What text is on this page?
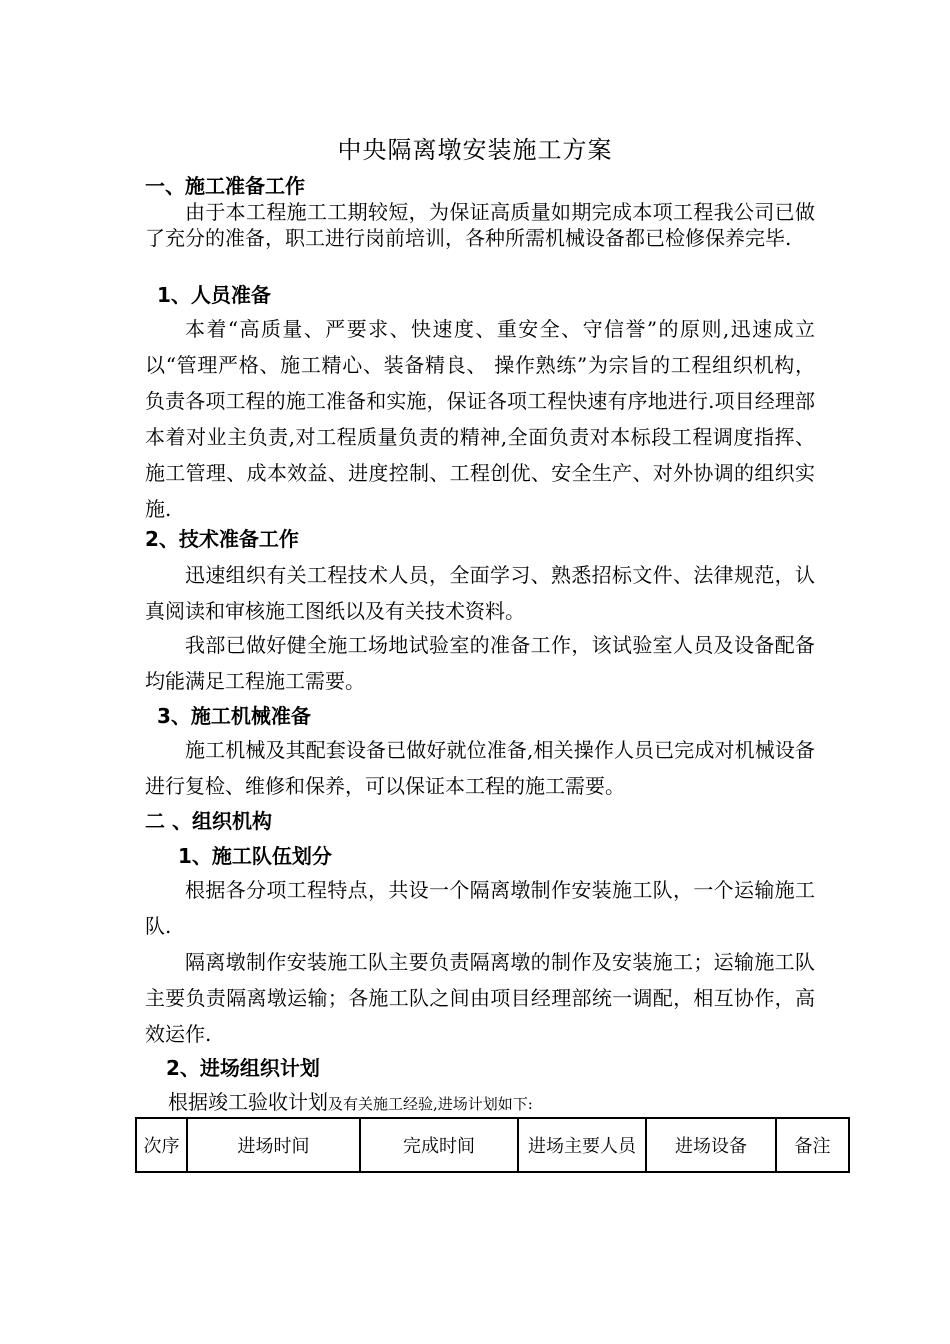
中央隔离墩安装施工方案
一、施工准备工作
由于本工程施工工期较短，为保证高质量如期完成本项工程我公司已做了充分的准备，职工进行岗前培训，各种所需机械设备都已检修保养完毕.
1、人员准备
本着“高质量、严要求、快速度、重安全、守信誉”的原则,迅速成立以“管理严格、施工精心、装备精良、 操作熟练”为宗旨的工程组织机构， 负责各项工程的施工准备和实施，保证各项工程快速有序地进行.项目经理部本着对业主负责,对工程质量负责的精神,全面负责对本标段工程调度指挥、施工管理、成本效益、进度控制、工程创优、安全生产、对外协调的组织实施.
2、技术准备工作
迅速组织有关工程技术人员，全面学习、熟悉招标文件、法律规范，认真阅读和审核施工图纸以及有关技术资料。
我部已做好健全施工场地试验室的准备工作，该试验室人员及设备配备均能满足工程施工需要。
3、施工机械准备
施工机械及其配套设备已做好就位准备,相关操作人员已完成对机械设备进行复检、维修和保养，可以保证本工程的施工需要。
二 、组织机构
1、施工队伍划分
根据各分项工程特点，共设一个隔离墩制作安装施工队，一个运输施工队.
隔离墩制作安装施工队主要负责隔离墩的制作及安装施工；运输施工队主要负责隔离墩运输；各施工队之间由项目经理部统一调配，相互协作，高效运作.
2、进场组织计划
根据竣工验收计划及有关施工经验,进场计划如下:
次序	进场时间	完成时间	进场主要人员	进场设备	备注
